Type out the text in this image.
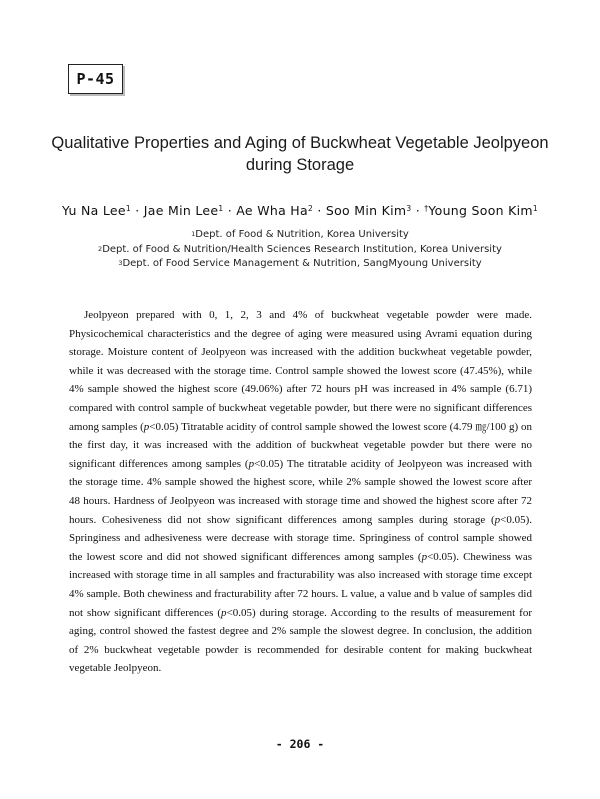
P-45
Qualitative Properties and Aging of Buckwheat Vegetable Jeolpyeon during Storage
Yu Na Lee$^1$ · Jae Min Lee$^1$ · Ae Wha $Ha^2$ · Soo Min Kim$^3$ · †Young Soon Kim$^1$
$^1$Dept. of Food & Nutrition, Korea University
$^2$Dept. of Food & Nutrition/Health Sciences Research Institution, Korea University
$^3$Dept. of Food Service Management & Nutrition, SangMyoung University

Jeolpyeon prepared with 0, 1, 2, 3 and 4% of buckwheat vegetable powder were made. Physicochemical characteristics and the degree of aging were measured using Avrami equation during storage. Moisture content of Jeolpyeon was increased with the addition buckwheat vegetable powder, while it was decreased with the storage time. Control sample showed the lowest score (47.45%), while 4% sample showed the highest score (49.06%) after 72 hours pH was increased in 4% sample (6.71) compared with control sample of buckwheat vegetable powder, but there were no significant differences among samples (p<0.05) Titratable acidity of control sample showed the lowest score (4.79 ㎎/100 g) on the first day, it was increased with the addition of buckwheat vegetable powder but there were no significant differences among samples (p<0.05) The titratable acidity of Jeolpyeon was increased with the storage time. 4% sample showed the highest score, while 2% sample showed the lowest score after 48 hours. Hardness of Jeolpyeon was increased with storage time and showed the highest score after 72 hours. Cohesiveness did not show significant differences among samples during storage (p<0.05). Springiness and adhesiveness were decrease with storage time. Springiness of control sample showed the lowest score and did not showed significant differences among samples (p<0.05). Chewiness was increased with storage time in all samples and fracturability was also increased with storage time except 4% sample. Both chewiness and fracturability after 72 hours. L value, a value and b value of samples did not show significant differences (p<0.05) during storage. According to the results of measurement for aging, control showed the fastest degree and 2% sample the slowest degree. In conclusion, the addition of 2% buckwheat vegetable powder is recommended for desirable content for making buckwheat vegetable Jeolpyeon.

- 206 -
